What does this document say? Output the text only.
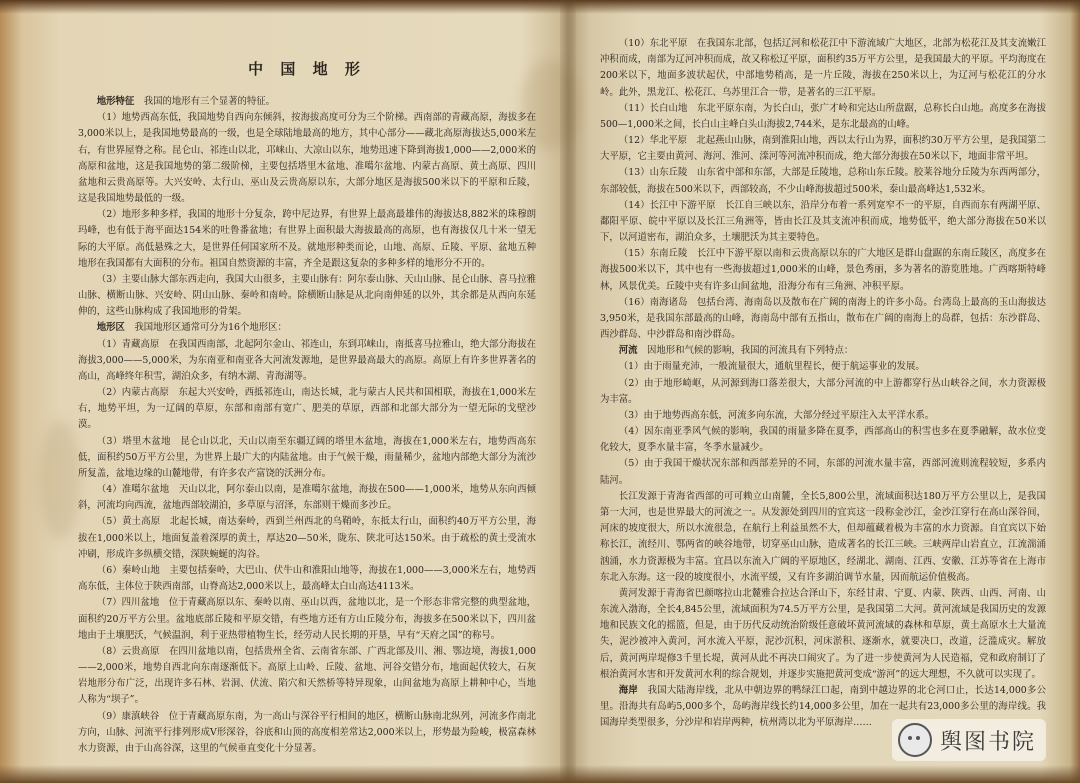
中 国 地 形

地形特征　 我国的地形有三个显著的特征。

（1）地势西高东低，我国地势自西向东倾斜，按海拔高度可分为三个阶梯。西南部的青藏高原，海拔多在3,000米以上，是我国地势最高的一级，也是全球陆地最高的地方，其中心部分——藏北高原海拔达5,000米左右，有世界屋脊之称。昆仑山、祁连山以北，邛崃山、大凉山以东，地势迅速下降到海拔1,000——2,000米的高原和盆地，这是我国地势的第二级阶梯，主要包括塔里木盆地、准噶尔盆地、内蒙古高原、黄土高原、四川盆地和云贵高原等。大兴安岭、太行山、巫山及云贵高原以东，大部分地区是海拔500米以下的平原和丘陵，这是我国地势最低的一级。

（2）地形多种多样，我国的地形十分复杂，跨中尼边界，有世界上最高最雄伟的海拔达8,882米的珠穆朗玛峰，也有低于海平面达154米的吐鲁番盆地；有世界上面积最大海拔最高的高原，也有海拔仅几十米一望无际的大平原。高低悬殊之大，是世界任何国家所不及。就地形种类而论，山地、高原、丘陵、平原、盆地五种地形在我国都有大面积的分布。祖国自然资源的丰富，齐全是跟这复杂的多种多样的地形分不开的。

（3）主要山脉大部东西走向，我国大山很多，主要山脉有：阿尔泰山脉、天山山脉、昆仑山脉、喜马拉雅山脉、横断山脉、兴安岭、阴山山脉、秦岭和南岭。除横断山脉是从北向南伸延的以外，其余都是从西向东延伸的，这些山脉构成了我国地形的骨架。

地形区　 我国地形区通常可分为16个地形区：

（1）青藏高原　在我国西南部，北起阿尔金山、祁连山，东到邛崃山，南抵喜马拉雅山，绝大部分海拔在海拔3,000——5,000米，为东南亚和南亚各大河流发源地，是世界最高最大的高原。高原上有许多世界著名的高山，高峰终年积雪，湖泊众多，有纳木湖、青海湖等。

（2）内蒙古高原　东起大兴安岭，西抵祁连山，南达长城，北与蒙古人民共和国相联，海拔在1,000米左右，地势平坦，为一辽阔的草原，东部和南部有宽广、肥美的草原，西部和北部大部分为一望无际的戈壁沙漠。

（3）塔里木盆地　昆仑山以北，天山以南至东疆辽阔的塔里木盆地，海拔在1,000米左右，地势西高东低，面积约50万平方公里，为世界上最广大的内陆盆地。由于气候干燥，雨量稀少，盆地内部绝大部分为流沙所复盖，盆地边缘的山麓地带，有许多农产富饶的沃洲分布。

（4）准噶尔盆地　天山以北，阿尔泰山以南，是准噶尔盆地，海拔在500——1,000米，地势从东向西倾斜，河流均向西流，盆地西部较湖泊，多草原与沼泽，东部则干燥而多沙丘。

（5）黄土高原　北起长城，南达秦岭，西到兰州西北的乌鞘岭，东抵太行山，面积约40万平方公里，海拔在1,000米以上，地面复盖着深厚的黄土，厚达20—50米，陇东、陕北可达150米。由于疏松的黄土受流水冲刷，形成许多纵横交错，深陕蜿蜒的沟谷。

（6）秦岭山地　主要包括秦岭，大巴山、伏牛山和淮阳山地等，海拔在1,000——3,000米左右，地势西高东低，主体位于陕西南部，山脊高达2,000米以上，最高峰太白山高达4113米。

（7）四川盆地　位于青藏高原以东、秦岭以南、巫山以西，盆地以北，是一个形态非常完整的典型盆地，面积约20万平方公里。盆地底部丘陵和平原交错，有些地方还有方山丘陵分布，海拔多在500米以下，四川盆地由于土壤肥沃，气候温润，利于亚热带植物生长，经劳动人民长期的开垦，早有“天府之国”的称号。

（8）云贵高原　在四川盆地以南，包括贵州全省、云南省东部、广西北部及川、湘、鄂边境，海拔1,000——2,000米，地势自西北向东南逐渐低下。高原上山岭、丘陵、盆地、河谷交错分布，地面起伏较大，石灰岩地形分布广泛，出现许多石林、岩洞、伏流、陷穴和天然桥等特异现象，山间盆地为高原上耕种中心，当地人称为“坝子”。

（9）康滇峡谷　位于青藏高原东南，为一高山与深谷平行相间的地区，横断山脉南北纵列，河流多作南北方向，山脉、河流平行排列形成V形深谷，谷底和山顶的高度相差常达2,000米以上，形势最为险峻，极富森林水力资源，由于山高谷深，这里的气候垂直变化十分显著。

（10）东北平原　在我国东北部，包括辽河和松花江中下游流域广大地区，北部为松花江及其支流嫩江冲积而成，南部为辽河冲积而成，故又称松辽平原，面积约35万平方公里，是我国最大的平原。平均海度在200米以下，地面多波状起伏，中部地势稍高，是一片丘陵，海拔在250米以上，为辽河与松花江的分水岭。此外，黑龙江、松花江、乌苏里江合一带，是著名的三江平原。

（11）长白山地　东北平原东南，为长白山，张广才岭和完达山所盘踞，总称长白山地。高度多在海拔500—1,000米之间，长白山主峰白头山海拔2,744米，是东北最高的山峰。

（12）华北平原　北起燕山山脉，南到淮阳山地，西以太行山为界，面积约30万平方公里，是我国第二大平原，它主要由黄河、海河、淮河、滦河等河流冲积而成，绝大部分海拔在50米以下，地面非常平坦。

（13）山东丘陵　山东省中部和东部，大部是丘陵地，总称山东丘陵。胶莱谷地分丘陵为东西两部分，东部较低，海拔在500米以下，西部较高，不少山峰海拔超过500米，泰山最高峰达1,532米。

（14）长江中下游平原　长江自三峡以东，沿岸分布着一系列宽窄不一的平原，自西而东有两湖平原、鄱阳平原、皖中平原以及长江三角洲等，皆由长江及其支流冲积而成，地势低平，绝大部分海拔在50米以下，以河道密布，湖泊众多，土壤肥沃为其主要特色。

（15）东南丘陵　长江中下游平原以南和云贵高原以东的广大地区是群山盘踞的东南丘陵区，高度多在海拔500米以下，其中也有一些海拔超过1,000米的山峰，景色秀丽，多为著名的游览胜地。广西喀斯特峰林，风景优美。丘陵中夹有许多山间盆地，沿海分布有三角洲、冲积平原。

（16）南海诸岛　包括台湾、海南岛以及散布在广阔的南海上的许多小岛。台湾岛上最高的玉山海拔达3,950米，是我国东部最高的山峰，海南岛中部有五指山，散布在广阔的南海上的岛群，包括：东沙群岛、西沙群岛、中沙群岛和南沙群岛。

河流　 因地形和气候的影响，我国的河流具有下列特点：

（1）由于雨量充沛，一般流量很大，通航里程长，便于航运事业的发展。

（2）由于地形崎岖，从河源到海口落差很大，大部分河流的中上游都穿行丛山峡谷之间，水力资源极为丰富。

（3）由于地势西高东低，河流多向东流，大部分经过平原注入太平洋水系。

（4）因东南亚季风气候的影响，我国的雨量多降在夏季，西部高山的积雪也多在夏季融解，故水位变化较大，夏季水量丰富，冬季水量减少。

（5）由于我国干燥状况东部和西部差异的不同，东部的河流水量丰富，西部河流则流程较短，多系内陆河。

长江发源于青海省西部的可可赖立山南麓，全长5,800公里，流域面积达180万平方公里以上，是我国第一大河，也是世界最大的河流之一。从发源处到四川的宜宾这一段称金沙江，金沙江穿行在高山深谷间，河床的坡度很大，所以水流很急，在航行上利益虽然不大，但却蕴藏着极为丰富的水力资源。自宜宾以下始称长江，流经川、鄂两省的峡谷地带，切穿巫山山脉，造成著名的长江三峡。三峡两岸山岩直立，江流湍涌汹涌，水力资源极为丰富。宜昌以东流入广阔的平原地区，经湖北、湖南、江西、安徽、江苏等省在上海市东北入东海。这一段的坡度很小，水流平缓，又有许多湖泊调节水量，因而航运价值极高。

黄河发源于青海省巴颜喀拉山北麓雅合拉达合泽山下，东经甘肃、宁夏、内蒙、陕西、山西、河南、山东流入渤海，全长4,845公里，流域面积为74.5万平方公里，是我国第二大河。黄河流域是我国历史的发源地和民族文化的摇篮，但是，由于历代反动统治阶级任意破坏黄河流域的森林和草原，黄土高原水土大量流失，泥沙被冲入黄河，河水流入平原，泥沙沉积，河床淤积、逐渐水，就要决口，改道，泛滥成灾。解放后，黄河两岸堤修3千里长堤，黄河从此不再决口闹灾了。为了进一步使黄河为人民造福，党和政府制订了根治黄河水害和开发黄河水利的综合规划，并逐步实施把黄河变成“游河”的远大理想，不久就可以实现了。

海岸　 我国大陆海岸线，北从中朝边界的鸭绿江口起，南到中越边界的北仑河口止，长达14,000多公里。沿海共有岛屿5,000多个，岛屿海岸线长约14,000多公里，加在一起共有23,000多公里的海岸线。我国海岸类型很多，分沙岸和岩岸两种，杭州湾以北为平原海岸……

舆图书院
